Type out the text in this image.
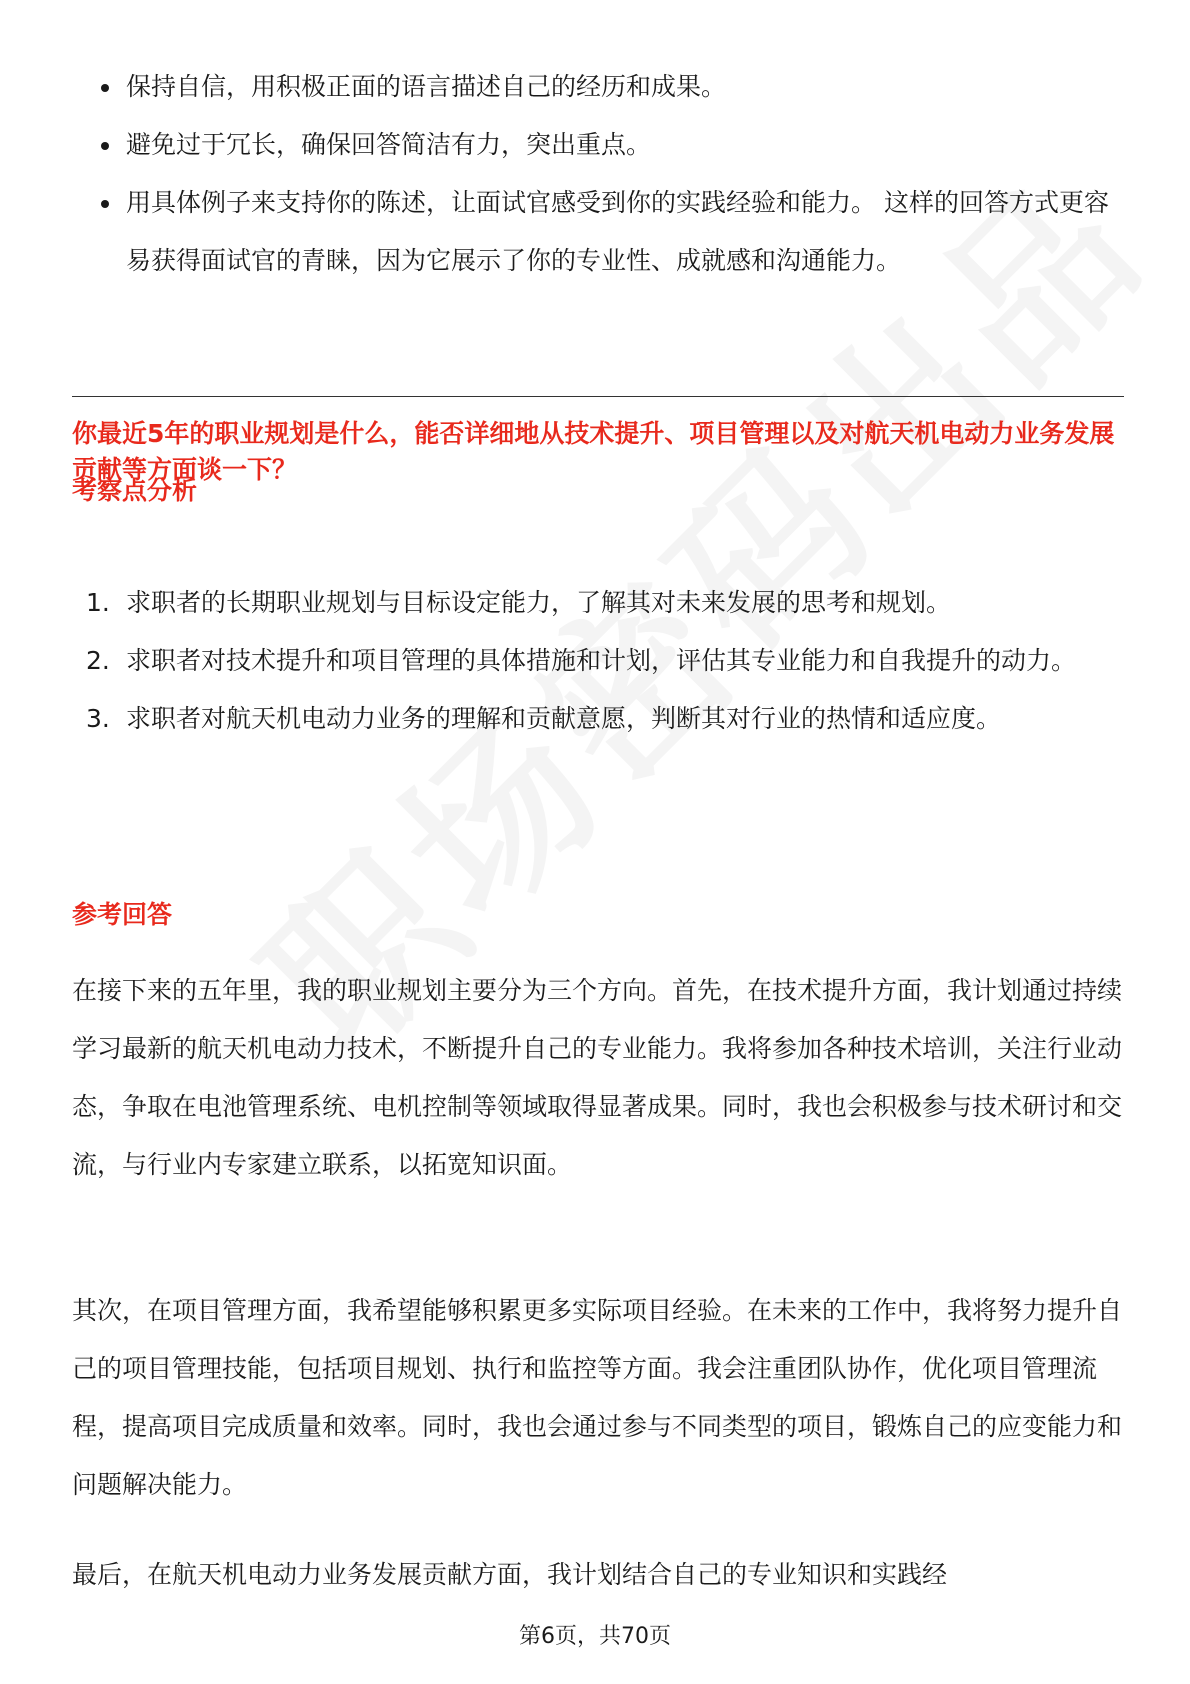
保持自信，用积极正面的语言描述自己的经历和成果。
避免过于冗长，确保回答简洁有力，突出重点。
用具体例子来支持你的陈述，让面试官感受到你的实践经验和能力。 这样的回答方式更容易获得面试官的青睐，因为它展示了你的专业性、成就感和沟通能力。
你最近5年的职业规划是什么，能否详细地从技术提升、项目管理以及对航天机电动力业务发展贡献等方面谈一下？
考察点分析
1. 求职者的长期职业规划与目标设定能力，了解其对未来发展的思考和规划。
2. 求职者对技术提升和项目管理的具体措施和计划，评估其专业能力和自我提升的动力。
3. 求职者对航天机电动力业务的理解和贡献意愿，判断其对行业的热情和适应度。
参考回答

在接下来的五年里，我的职业规划主要分为三个方向。首先，在技术提升方面，我计划通过持续学习最新的航天机电动力技术，不断提升自己的专业能力。我将参加各种技术培训，关注行业动态，争取在电池管理系统、电机控制等领域取得显著成果。同时，我也会积极参与技术研讨和交流，与行业内专家建立联系，以拓宽知识面。

其次，在项目管理方面，我希望能够积累更多实际项目经验。在未来的工作中，我将努力提升自己的项目管理技能，包括项目规划、执行和监控等方面。我会注重团队协作，优化项目管理流程，提高项目完成质量和效率。同时，我也会通过参与不同类型的项目，锻炼自己的应变能力和问题解决能力。

最后，在航天机电动力业务发展贡献方面，我计划结合自己的专业知识和实践经

第6页，共70页
